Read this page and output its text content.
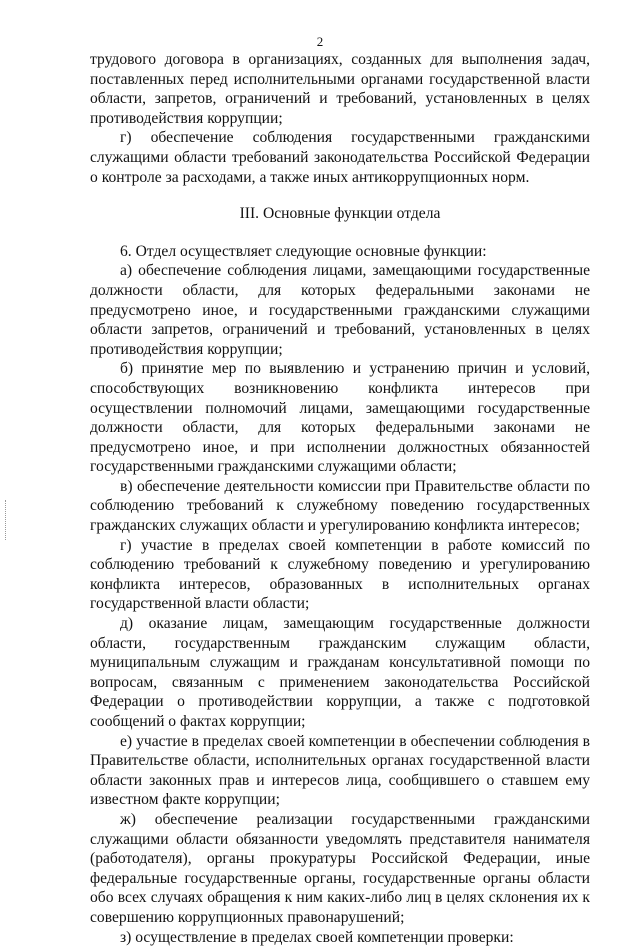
2

трудового договора в организациях, созданных для выполнения задач, поставленных перед исполнительными органами государственной власти области, запретов, ограничений и требований, установленных в целях противодействия коррупции;

г) обеспечение соблюдения государственными гражданскими служащими области требований законодательства Российской Федерации о контроле за расходами, а также иных антикоррупционных норм.

III. Основные функции отдела

6. Отдел осуществляет следующие основные функции:

а) обеспечение соблюдения лицами, замещающими государственные должности области, для которых федеральными законами не предусмотрено иное, и государственными гражданскими служащими области запретов, ограничений и требований, установленных в целях противодействия коррупции;

б) принятие мер по выявлению и устранению причин и условий, способствующих возникновению конфликта интересов при осуществлении полномочий лицами, замещающими государственные должности области, для которых федеральными законами не предусмотрено иное, и при исполнении должностных обязанностей государственными гражданскими служащими области;

в) обеспечение деятельности комиссии при Правительстве области по соблюдению требований к служебному поведению государственных гражданских служащих области и урегулированию конфликта интересов;

г) участие в пределах своей компетенции в работе комиссий по соблюдению требований к служебному поведению и урегулированию конфликта интересов, образованных в исполнительных органах государственной власти области;

д) оказание лицам, замещающим государственные должности области, государственным гражданским служащим области, муниципальным служащим и гражданам консультативной помощи по вопросам, связанным с применением законодательства Российской Федерации о противодействии коррупции, а также с подготовкой сообщений о фактах коррупции;

е) участие в пределах своей компетенции в обеспечении соблюдения в Правительстве области, исполнительных органах государственной власти области законных прав и интересов лица, сообщившего о ставшем ему известном факте коррупции;

ж) обеспечение реализации государственными гражданскими служащими области обязанности уведомлять представителя нанимателя (работодателя), органы прокуратуры Российской Федерации, иные федеральные государственные органы, государственные органы области обо всех случаях обращения к ним каких-либо лиц в целях склонения их к совершению коррупционных правонарушений;

з) осуществление в пределах своей компетенции проверки:
